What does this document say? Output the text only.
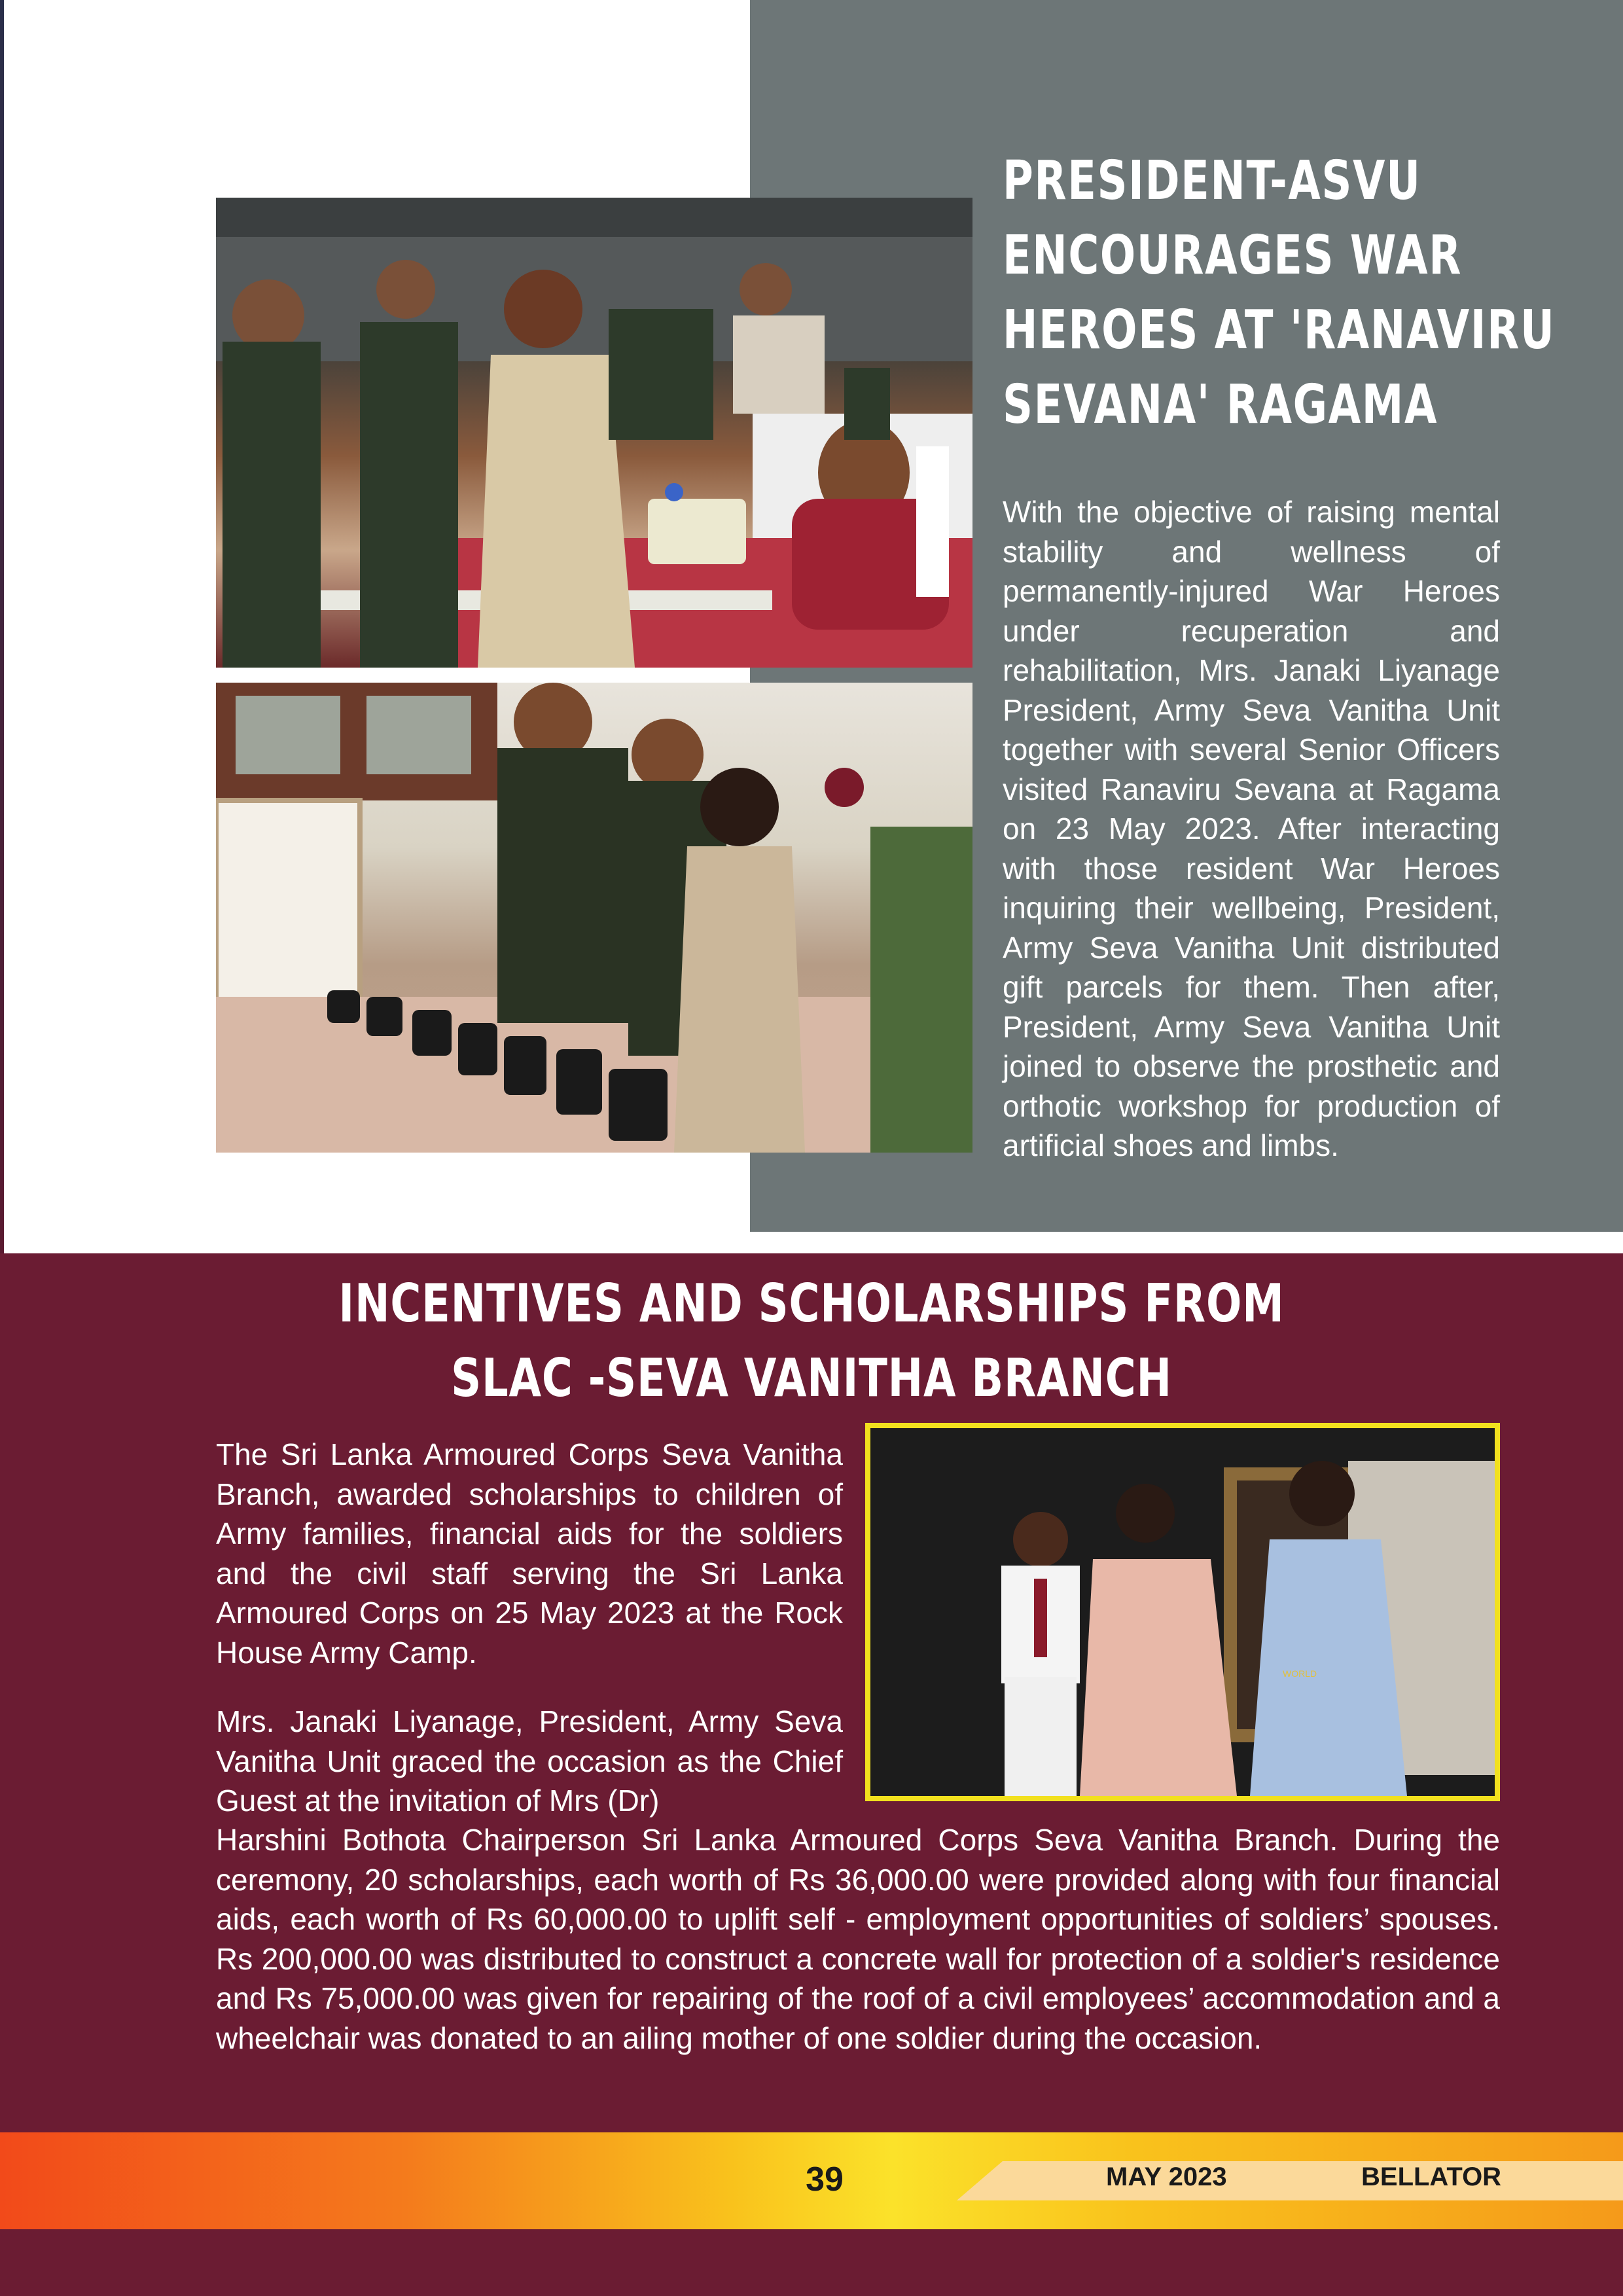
PRESIDENT-ASVU
ENCOURAGES WAR
HEROES AT 'RANAVIRU
SEVANA' RAGAMA

With the objective of raising mental stability and wellness of permanently-injured War Heroes under recuperation and rehabilitation, Mrs. Janaki Liyanage President, Army Seva Vanitha Unit together with several Senior Officers visited Ranaviru Sevana at Ragama on 23 May 2023. After interacting with those resident War Heroes inquiring their wellbeing, President, Army Seva Vanitha Unit distributed gift parcels for them. Then after, President, Army Seva Vanitha Unit joined to observe the prosthetic and orthotic workshop for production of artificial shoes and limbs.

INCENTIVES AND SCHOLARSHIPS FROM
SLAC -SEVA VANITHA BRANCH
WORLD

The Sri Lanka Armoured Corps Seva Vanitha Branch, awarded scholarships to children of Army families, financial aids for the soldiers and the civil staff serving the Sri Lanka Armoured Corps on 25 May 2023 at the Rock House Army Camp.

Mrs. Janaki Liyanage, President, Army Seva Vanitha Unit graced the occasion as the Chief Guest at the invitation of Mrs (Dr)

Harshini Bothota Chairperson Sri Lanka Armoured Corps Seva Vanitha Branch. During the ceremony, 20 scholarships, each worth of Rs 36,000.00 were provided along with four financial aids, each worth of Rs 60,000.00 to uplift self - employment opportunities of soldiers’ spouses. Rs 200,000.00 was distributed to construct a concrete wall for protection of a soldier's residence and Rs 75,000.00 was given for repairing of the roof of a civil employees’ accommodation and a wheelchair was donated to an ailing mother of one soldier during the occasion.

39	MAY 2023	BELLATOR
